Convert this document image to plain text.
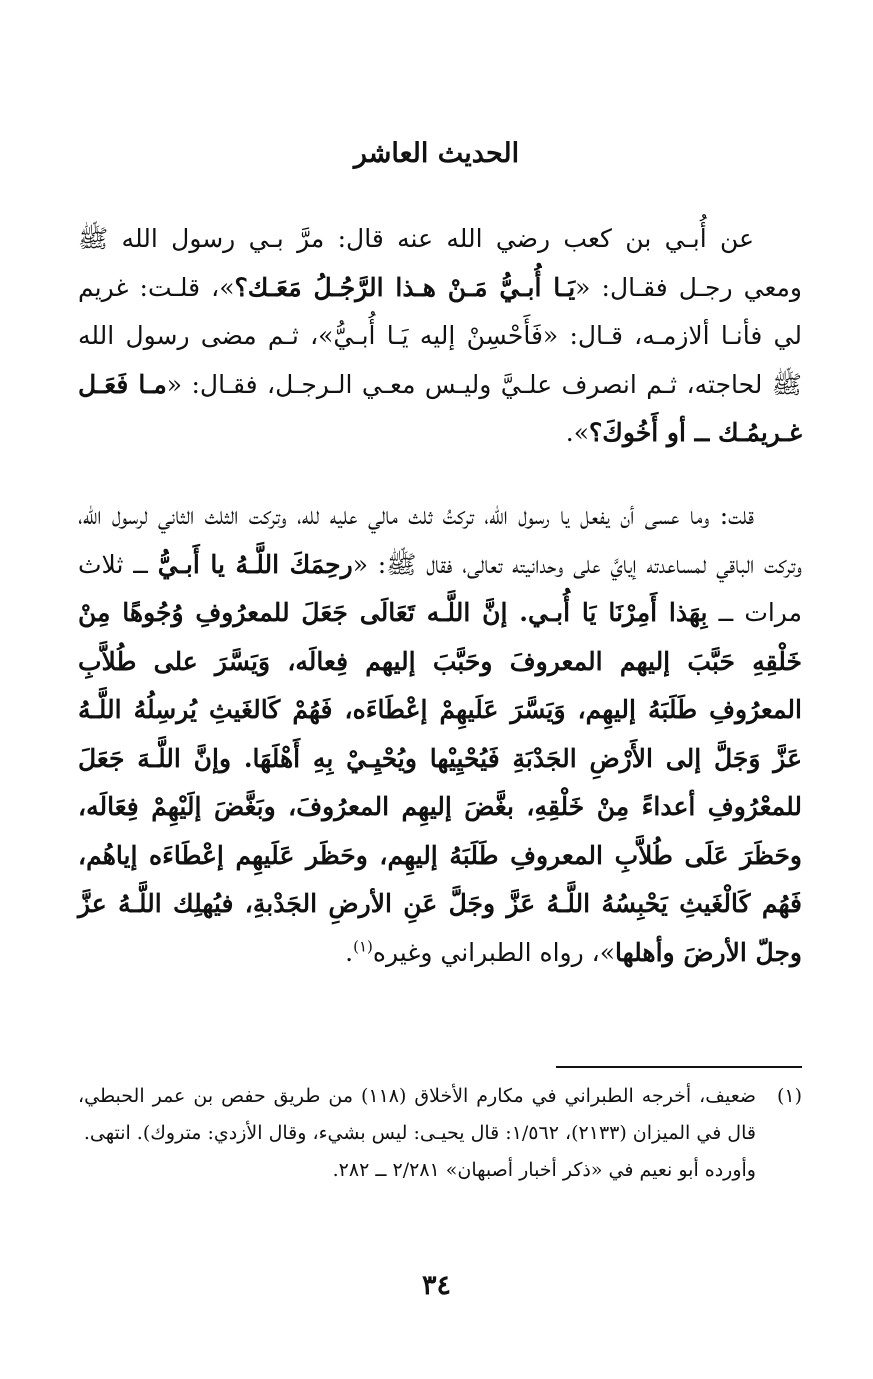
الحديث العاشر
عن أُبـي بن كعب رضي الله عنه قال: مرَّ بـي رسول الله ﷺ ومعي رجـل فقـال: «يَـا أُبـيُّ مَـنْ هـذا الرَّجُـلُ مَعَـك؟»، قلـت: غريم لي فأنـا ألازمـه، قـال: «فَأَحْسِنْ إليه يَـا أُبـيُّ»، ثـم مضى رسول الله ﷺ لحاجته، ثـم انصرف علـيَّ وليـس معـي الـرجـل، فقـال: «مـا فَعَـل غـريمُـك ــ أو أَخُوكَ؟».
قلت: وما عسى أن يفعل يا رسول الله، تركتُ ثلث مالي عليه لله، وتركت الثلث الثاني لرسول الله، وتركت الباقي لمساعدته إيايَّ على وحدانيته تعالى، فقال ﷺ: «رحِمَكَ اللَّـهُ يا أَبـيُّ ــ ثلاث مرات ــ بِهَذا أَمِرْنَا يَا أُبـي. إنَّ اللَّـه تَعَالَى جَعَلَ للمعرُوفِ وُجُوهًا مِنْ خَلْقِهِ حَبَّبَ إليهم المعروفَ وحَبَّبَ إليهم فِعالَه، وَيَسَّرَ على طُلاَّبِ المعرُوفِ طَلَبَهُ إليهِم، وَيَسَّرَ عَلَيهِمْ إعْطَاءَه، فَهُمْ كَالغَيثِ يُرسِلُهُ اللَّـهُ عَزَّ وَجَلَّ إلى الأَرْضِ الجَدْبَةِ فَيُحْيِيْها ويُحْيِـيْ بِهِ أَهْلَهَا. وإنَّ اللَّـهَ جَعَلَ للمعْرُوفِ أعداءً مِنْ خَلْقِهِ، بغَّضَ إليهِم المعرُوفَ، وبَغَّضَ إلَيْهِمْ فِعَالَه، وحَظَرَ عَلَى طُلاَّبِ المعروفِ طَلَبَهُ إليهِم، وحَظَر عَلَيهِم إعْطَاءَه إياهُم، فَهُم كَالْغَيثِ يَحْبِسُهُ اللَّـهُ عَزَّ وجَلَّ عَنِ الأرضِ الجَدْبةِ، فيُهلِك اللَّـهُ عزَّ وجلّ الأرضَ وأهلها»، رواه الطبراني وغيره$^{(١)}$.
(١)
ضعيف، أخرجه الطبراني في مكارم الأخلاق (١١٨) من طريق حفص بن عمر الحبطي، قال في الميزان (٢١٣٣)، ١/٥٦٢: قال يحيـى: ليس بشيء، وقال الأزدي: متروك). انتهى.
وأورده أبو نعيم في «ذكر أخبار أصبهان» ٢/٢٨١ ــ ٢٨٢.
٣٤
